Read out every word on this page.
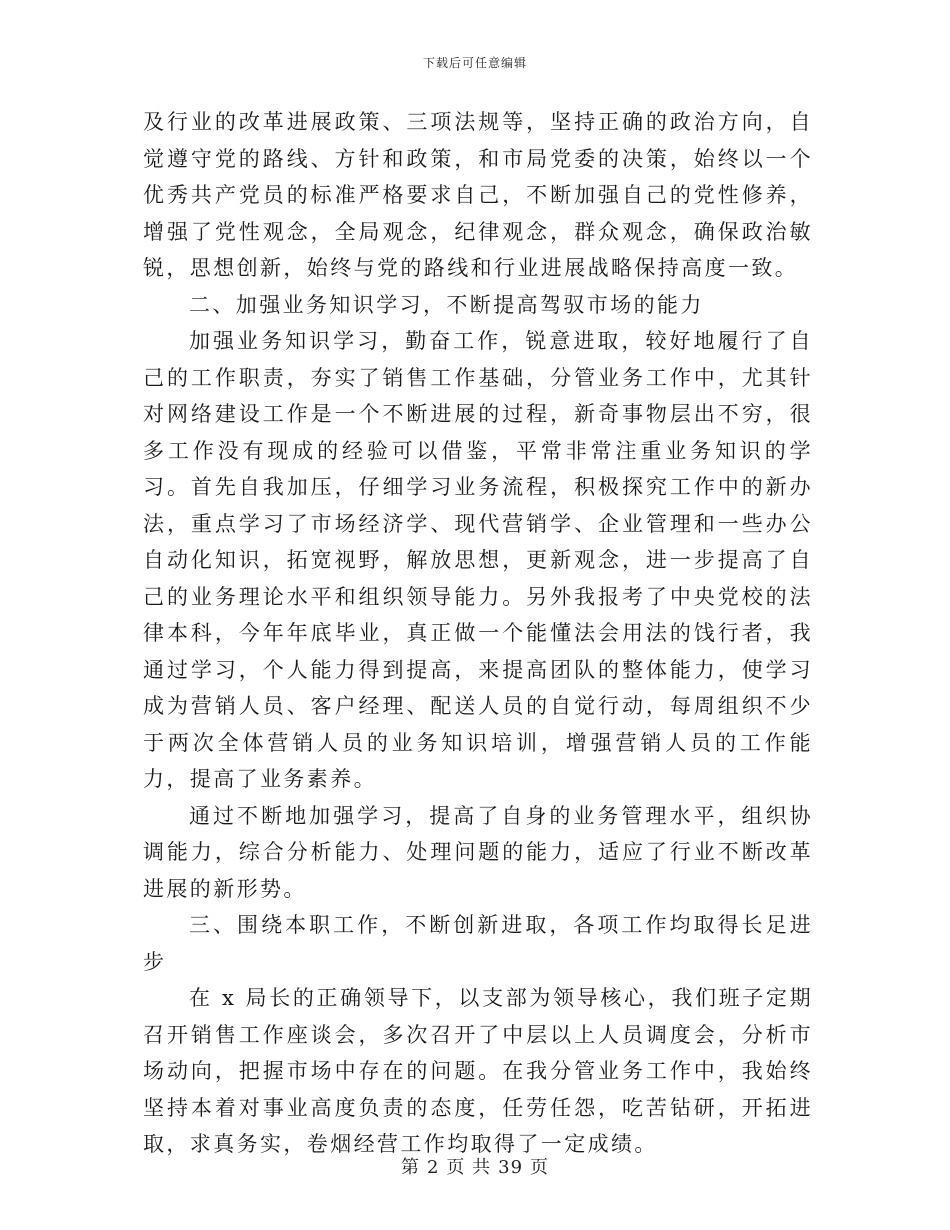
下载后可任意编辑

及行业的改革进展政策、三项法规等，坚持正确的政治方向，自觉遵守党的路线、方针和政策，和市局党委的决策，始终以一个优秀共产党员的标准严格要求自己，不断加强自己的党性修养，增强了党性观念，全局观念，纪律观念，群众观念，确保政治敏锐，思想创新，始终与党的路线和行业进展战略保持高度一致。

二、加强业务知识学习，不断提高驾驭市场的能力

加强业务知识学习，勤奋工作，锐意进取，较好地履行了自己的工作职责，夯实了销售工作基础，分管业务工作中，尤其针对网络建设工作是一个不断进展的过程，新奇事物层出不穷，很多工作没有现成的经验可以借鉴，平常非常注重业务知识的学习。首先自我加压，仔细学习业务流程，积极探究工作中的新办法，重点学习了市场经济学、现代营销学、企业管理和一些办公自动化知识，拓宽视野，解放思想，更新观念，进一步提高了自己的业务理论水平和组织领导能力。另外我报考了中央党校的法律本科，今年年底毕业，真正做一个能懂法会用法的饯行者，我通过学习，个人能力得到提高，来提高团队的整体能力，使学习成为营销人员、客户经理、配送人员的自觉行动，每周组织不少于两次全体营销人员的业务知识培训，增强营销人员的工作能力，提高了业务素养。

通过不断地加强学习，提高了自身的业务管理水平，组织协调能力，综合分析能力、处理问题的能力，适应了行业不断改革进展的新形势。

三、围绕本职工作，不断创新进取，各项工作均取得长足进步

在 x 局长的正确领导下，以支部为领导核心，我们班子定期召开销售工作座谈会，多次召开了中层以上人员调度会，分析市场动向，把握市场中存在的问题。在我分管业务工作中，我始终坚持本着对事业高度负责的态度，任劳任怨，吃苦钻研，开拓进取，求真务实，卷烟经营工作均取得了一定成绩。

第 2 页 共 39 页
